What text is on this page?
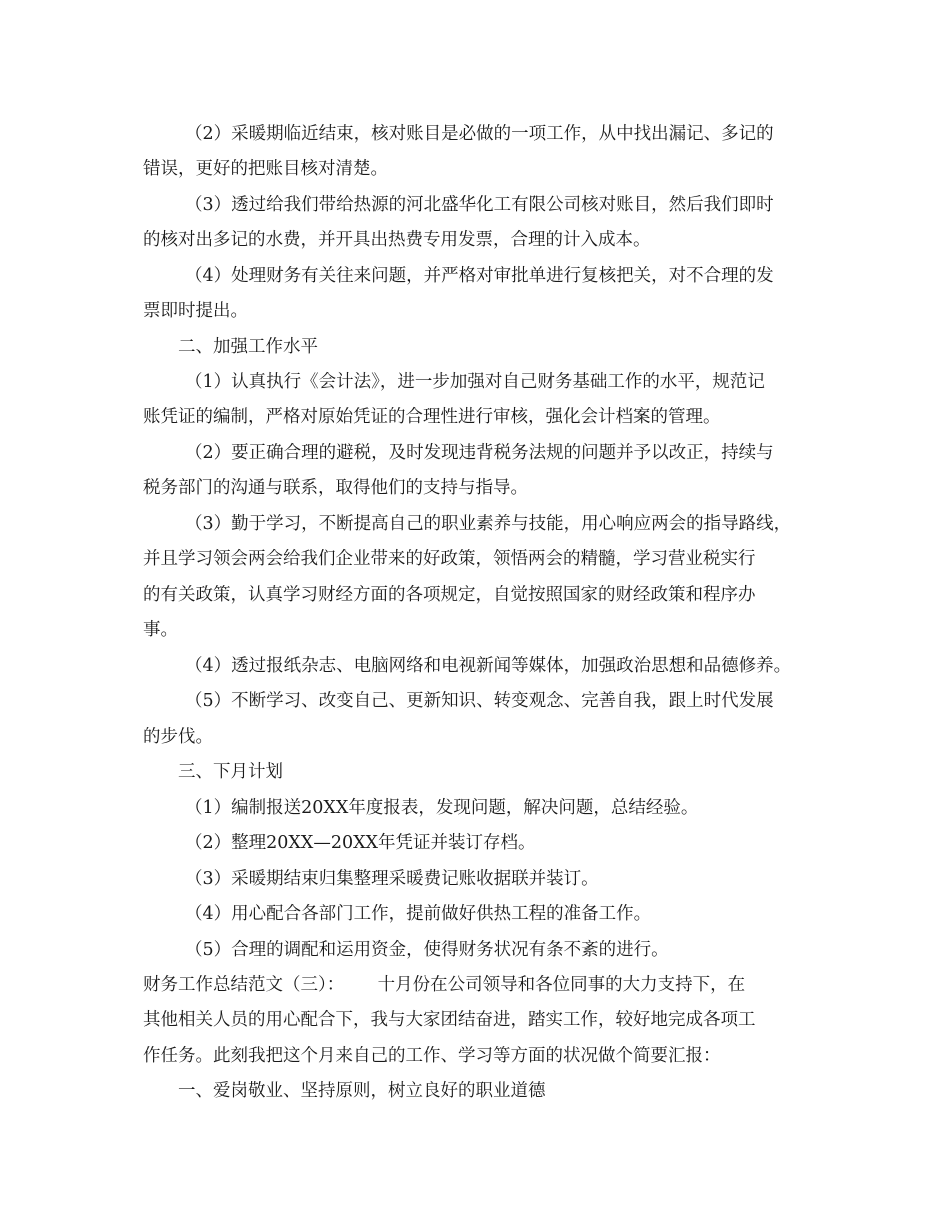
（2）采暖期临近结束，核对账目是必做的一项工作，从中找出漏记、多记的
错误，更好的把账目核对清楚。
（3）透过给我们带给热源的河北盛华化工有限公司核对账目，然后我们即时
的核对出多记的水费，并开具出热费专用发票，合理的计入成本。
（4）处理财务有关往来问题，并严格对审批单进行复核把关，对不合理的发
票即时提出。
二、加强工作水平
（1）认真执行《会计法》，进一步加强对自己财务基础工作的水平，规范记
账凭证的编制，严格对原始凭证的合理性进行审核，强化会计档案的管理。
（2）要正确合理的避税，及时发现违背税务法规的问题并予以改正，持续与
税务部门的沟通与联系，取得他们的支持与指导。
（3）勤于学习，不断提高自己的职业素养与技能，用心响应两会的指导路线，
并且学习领会两会给我们企业带来的好政策，领悟两会的精髓，学习营业税实行
的有关政策，认真学习财经方面的各项规定，自觉按照国家的财经政策和程序办
事。
（4）透过报纸杂志、电脑网络和电视新闻等媒体，加强政治思想和品德修养。
（5）不断学习、改变自己、更新知识、转变观念、完善自我，跟上时代发展
的步伐。
三、下月计划
（1）编制报送20XX年度报表，发现问题，解决问题，总结经验。
（2）整理20XX—20XX年凭证并装订存档。
（3）采暖期结束归集整理采暖费记账收据联并装订。
（4）用心配合各部门工作，提前做好供热工程的准备工作。
（5）合理的调配和运用资金，使得财务状况有条不紊的进行。
财务工作总结范文（三）：      十月份在公司领导和各位同事的大力支持下，在
其他相关人员的用心配合下，我与大家团结奋进，踏实工作，较好地完成各项工
作任务。此刻我把这个月来自己的工作、学习等方面的状况做个简要汇报：
一、爱岗敬业、坚持原则，树立良好的职业道德
